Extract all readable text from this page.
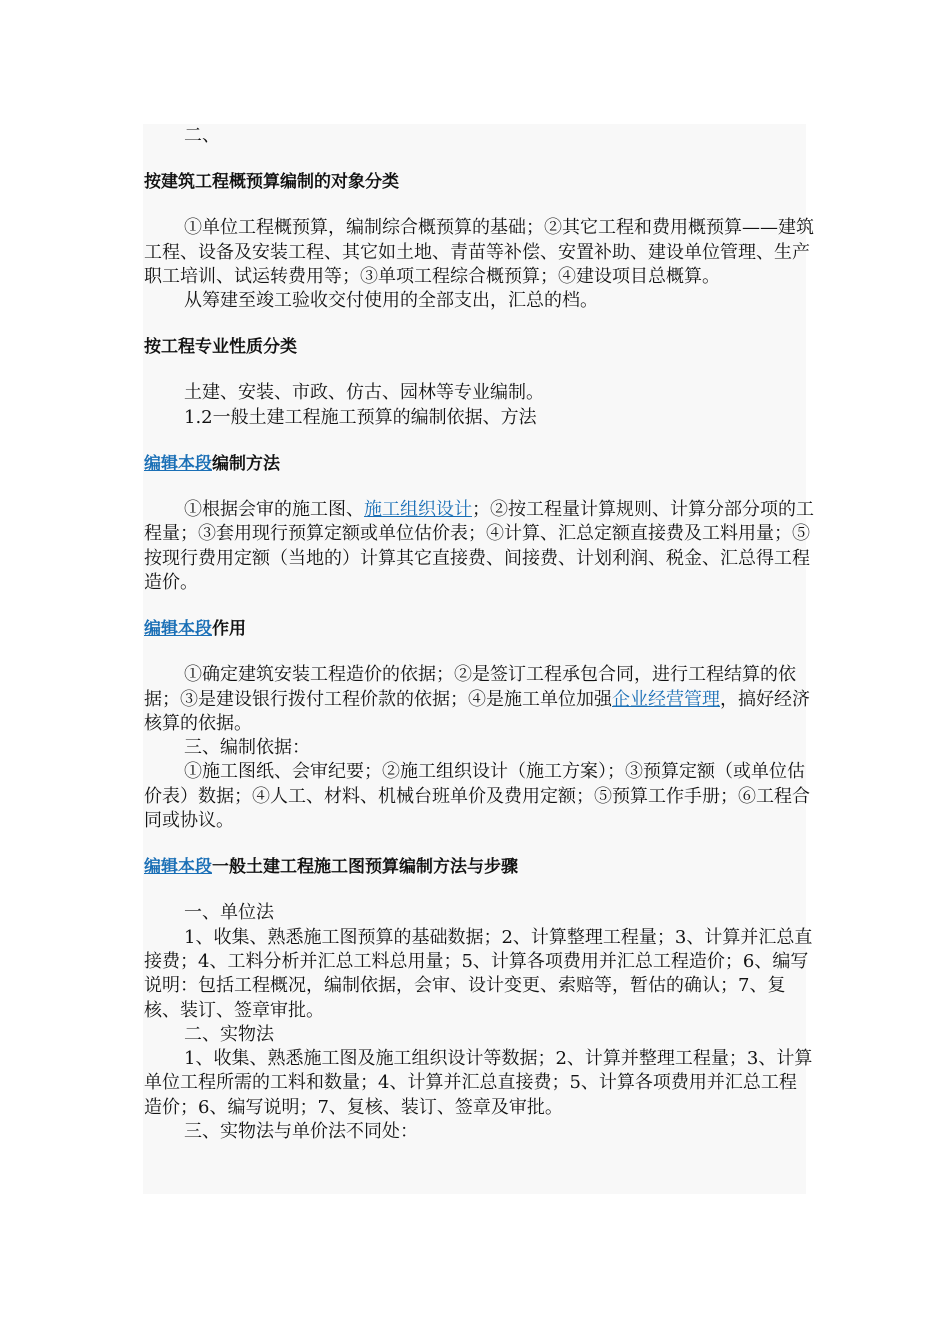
二、

按建筑工程概预算编制的对象分类

①单位工程概预算，编制综合概预算的基础；②其它工程和费用概预算——建筑工程、设备及安装工程、其它如土地、青苗等补偿、安置补助、建设单位管理、生产职工培训、试运转费用等；③单项工程综合概预算；④建设项目总概算。

从筹建至竣工验收交付使用的全部支出，汇总的档。

按工程专业性质分类

土建、安装、市政、仿古、园林等专业编制。

1.2一般土建工程施工预算的编制依据、方法

编辑本段编制方法

①根据会审的施工图、施工组织设计；②按工程量计算规则、计算分部分项的工程量；③套用现行预算定额或单位估价表；④计算、汇总定额直接费及工料用量；⑤按现行费用定额（当地的）计算其它直接费、间接费、计划利润、税金、汇总得工程造价。

编辑本段作用

①确定建筑安装工程造价的依据；②是签订工程承包合同，进行工程结算的依据；③是建设银行拨付工程价款的依据；④是施工单位加强企业经营管理，搞好经济核算的依据。

三、编制依据：

①施工图纸、会审纪要；②施工组织设计（施工方案）；③预算定额（或单位估价表）数据；④人工、材料、机械台班单价及费用定额；⑤预算工作手册；⑥工程合同或协议。

编辑本段一般土建工程施工图预算编制方法与步骤

一、单位法

1、收集、熟悉施工图预算的基础数据；2、计算整理工程量；3、计算并汇总直接费；4、工料分析并汇总工料总用量；5、计算各项费用并汇总工程造价；6、编写说明：包括工程概况，编制依据，会审、设计变更、索赔等，暂估的确认；7、复核、装订、签章审批。

二、实物法

1、收集、熟悉施工图及施工组织设计等数据；2、计算并整理工程量；3、计算单位工程所需的工料和数量；4、计算并汇总直接费；5、计算各项费用并汇总工程造价；6、编写说明；7、复核、装订、签章及审批。

三、实物法与单价法不同处：
